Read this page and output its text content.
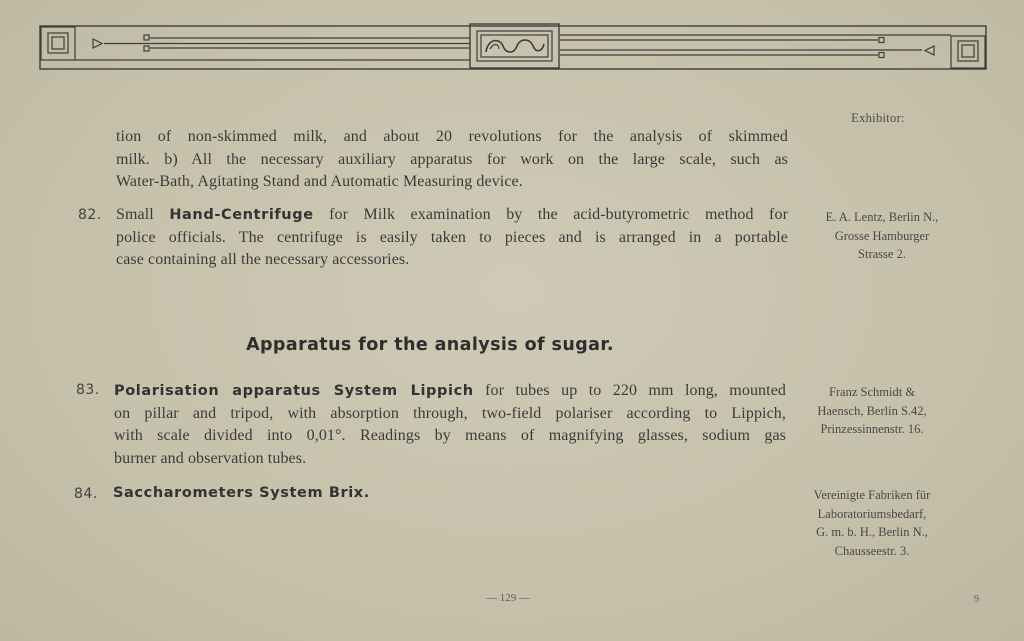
Exhibitor:
tion of non-skimmed milk, and about 20 revolutions for the analysis of skimmed
milk. b) All the necessary auxiliary apparatus for work on the large scale, such as
Water-Bath, Agitating Stand and Automatic Measuring device.
82. Small Hand-Centrifuge for Milk examination by the acid-butyrometric method for
police officials. The centrifuge is easily taken to pieces and is arranged in a portable
case containing all the necessary accessories.
E. A. Lentz, Berlin N.,
Grosse Hamburger
Strasse 2.
Apparatus for the analysis of sugar.
83. Polarisation apparatus System Lippich for tubes up to 220 mm long, mounted
on pillar and tripod, with absorption through, two-field polariser according to Lippich,
with scale divided into 0,01°. Readings by means of magnifying glasses, sodium gas
burner and observation tubes.
Franz Schmidt &
Haensch, Berlin S.42,
Prinzessinnenstr. 16.
84. Saccharometers System Brix.	Vereinigte Fabriken für
Laboratoriumsbedarf,
G. m. b. H., Berlin N.,
Chausseestr. 3.
— 129 —	9
